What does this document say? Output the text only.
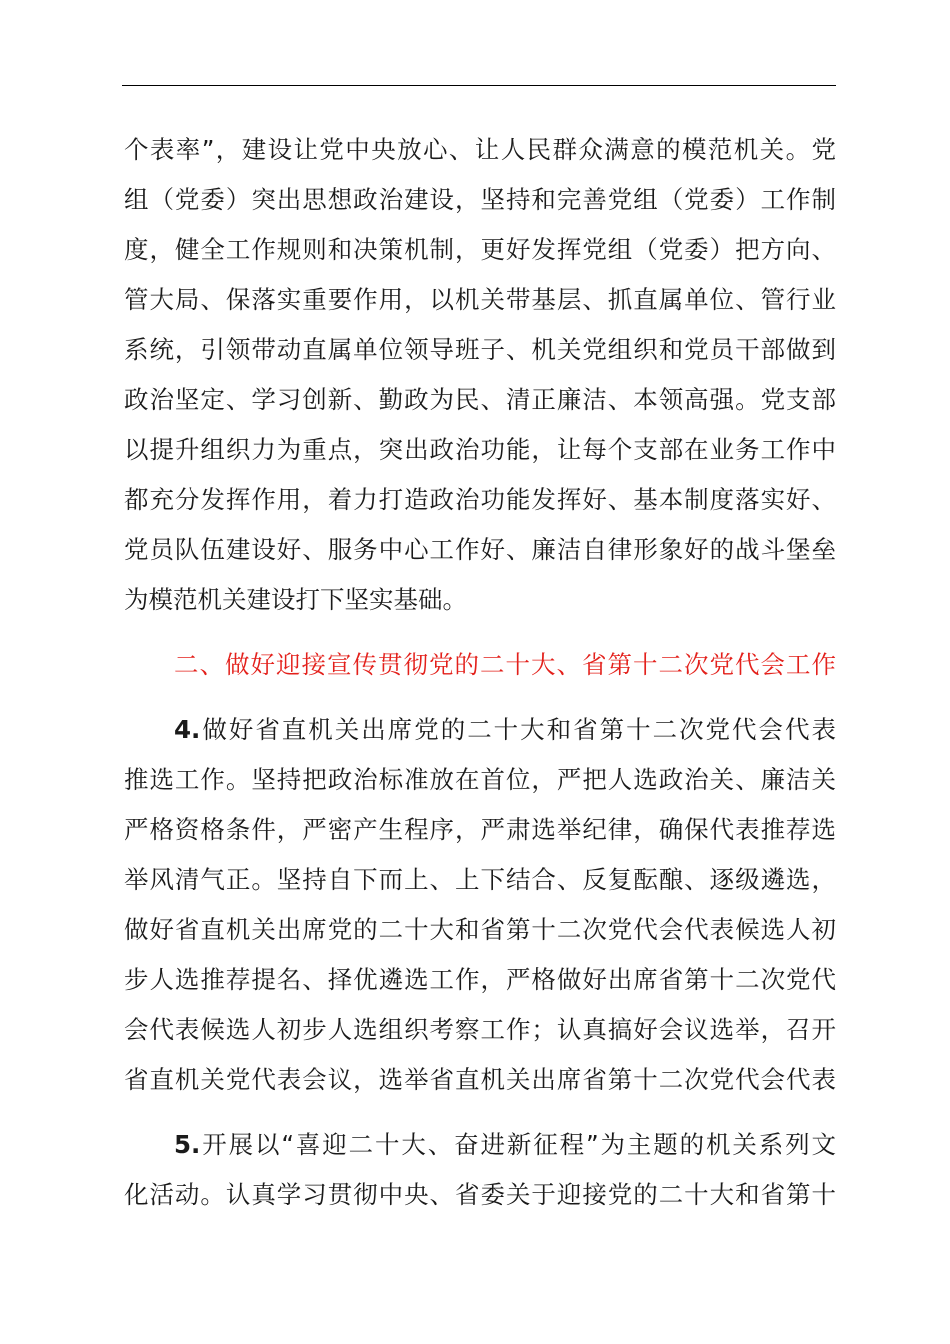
个表率”，建设让党中央放心、让人民群众满意的模范机关。党
组（党委）突出思想政治建设，坚持和完善党组（党委）工作制
度，健全工作规则和决策机制，更好发挥党组（党委）把方向、
管大局、保落实重要作用，以机关带基层、抓直属单位、管行业
系统，引领带动直属单位领导班子、机关党组织和党员干部做到
政治坚定、学习创新、勤政为民、清正廉洁、本领高强。党支部
以提升组织力为重点，突出政治功能，让每个支部在业务工作中
都充分发挥作用，着力打造政治功能发挥好、基本制度落实好、
党员队伍建设好、服务中心工作好、廉洁自律形象好的战斗堡垒
为模范机关建设打下坚实基础。
二、做好迎接宣传贯彻党的二十大、省第十二次党代会工作
4.做好省直机关出席党的二十大和省第十二次党代会代表
推选工作。坚持把政治标准放在首位，严把人选政治关、廉洁关
严格资格条件，严密产生程序，严肃选举纪律，确保代表推荐选
举风清气正。坚持自下而上、上下结合、反复酝酿、逐级遴选，
做好省直机关出席党的二十大和省第十二次党代会代表候选人初
步人选推荐提名、择优遴选工作，严格做好出席省第十二次党代
会代表候选人初步人选组织考察工作；认真搞好会议选举，召开
省直机关党代表会议，选举省直机关出席省第十二次党代会代表
5.开展以“喜迎二十大、奋进新征程”为主题的机关系列文
化活动。认真学习贯彻中央、省委关于迎接党的二十大和省第十
